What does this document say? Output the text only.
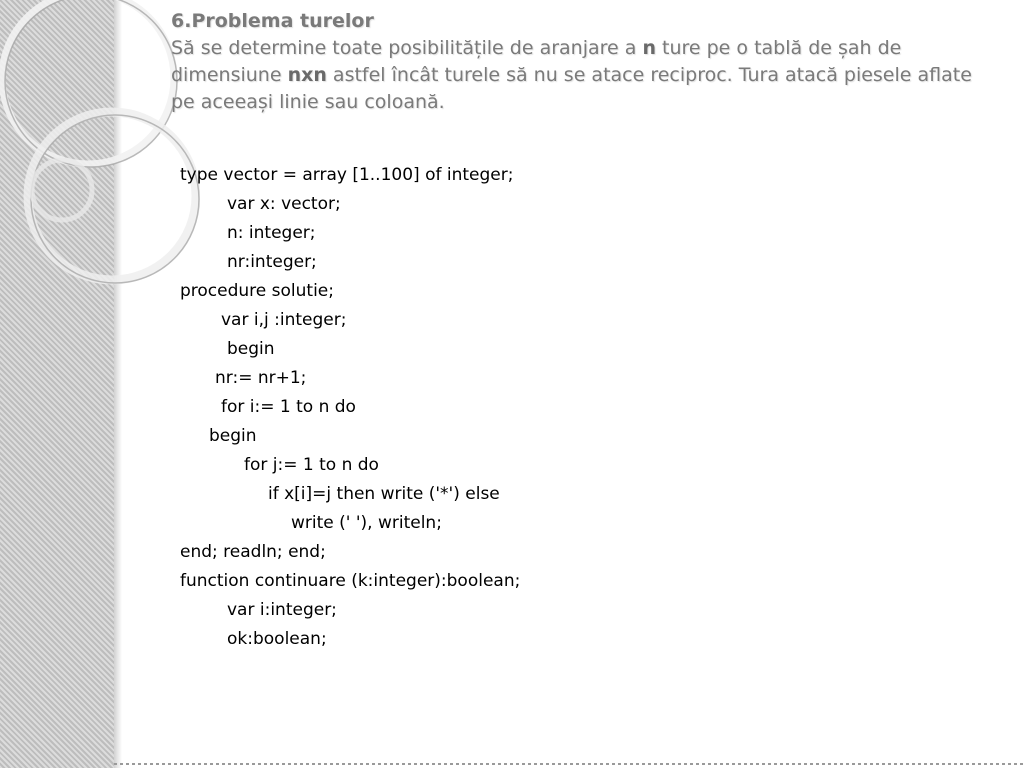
6.Problema turelor
Să se determine toate posibilitățile de aranjare a n ture pe o tablă de șah de dimensiune nxn astfel încât turele să nu se atace reciproc. Tura atacă piesele aflate pe aceeași linie sau coloană.
type vector = array [1..100] of integer;
var x: vector;
n: integer;
nr:integer;
procedure solutie;
var i,j :integer;
begin
nr:= nr+1;
for i:= 1 to n do
begin
for j:= 1 to n do
if x[i]=j then write ('*') else
write (' '), writeln;
end; readln; end;
function continuare (k:integer):boolean;
var i:integer;
ok:boolean;
